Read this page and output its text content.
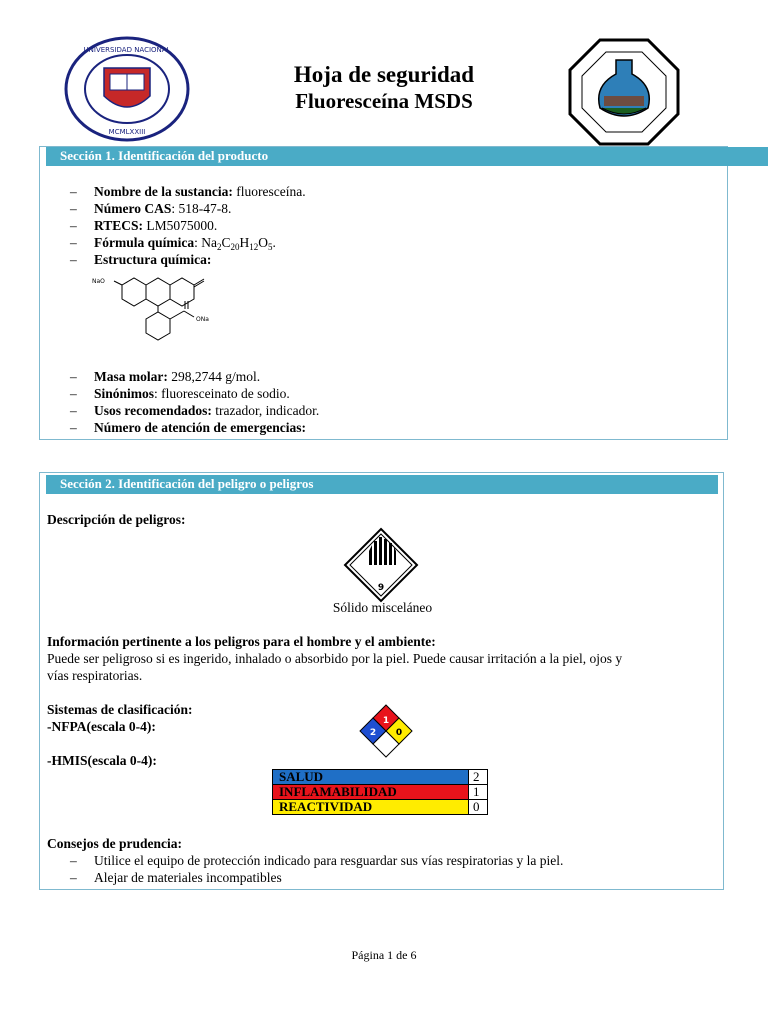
UNIVERSIDAD NACIONAL
MCMLXXIII
Hoja de seguridad
Fluoresceína MSDS
Sección 1. Identificación del producto
– Nombre de la sustancia: fluoresceína.
– Número CAS: 518-47-8.
– RTECS: LM5075000.
– Fórmula química: $Na_2C_{20}H_{12}O_5$.
– Estructura química:
NaO
ONa
– Masa molar: 298,2744 g/mol.
– Sinónimos: fluoresceinato de sodio.
– Usos recomendados: trazador, indicador.
– Número de atención de emergencias:
Sección 2. Identificación del peligro o peligros
Descripción de peligros:
9
Sólido misceláneo
Información pertinente a los peligros para el hombre y el ambiente:
Puede ser peligroso si es ingerido, inhalado o absorbido por la piel. Puede causar irritación a la piel, ojos y
vías respiratorias.
Sistemas de clasificación:
-NFPA(escala 0-4):	1
2 0
-HMIS(escala 0-4):
SALUD	2
INFLAMABILIDAD	1
REACTIVIDAD	0
Consejos de prudencia:
– Utilice el equipo de protección indicado para resguardar sus vías respiratorias y la piel.
– Alejar de materiales incompatibles
Página 1 de 6
